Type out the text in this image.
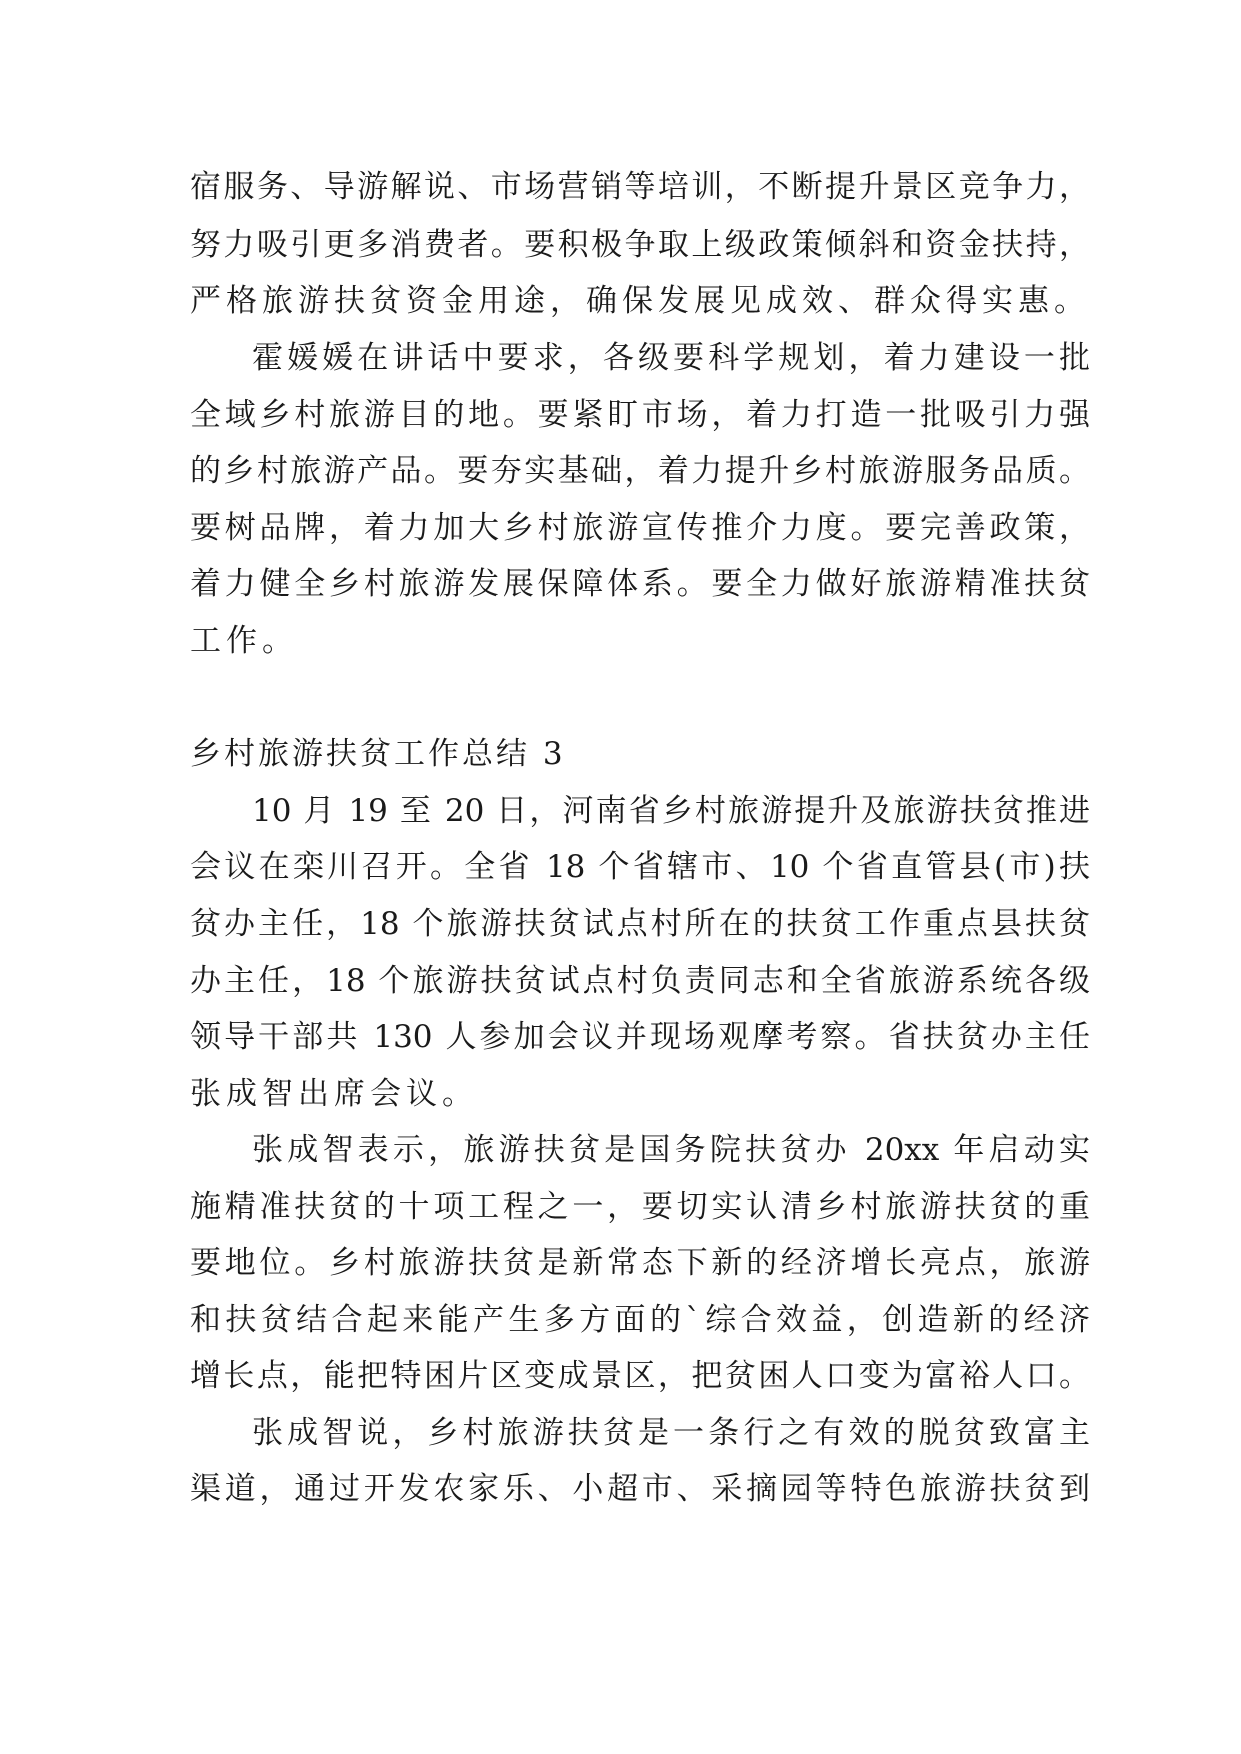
宿服务、导游解说、市场营销等培训，不断提升景区竞争力，
努力吸引更多消费者。要积极争取上级政策倾斜和资金扶持，
严格旅游扶贫资金用途，确保发展见成效、群众得实惠。
霍媛媛在讲话中要求，各级要科学规划，着力建设一批
全域乡村旅游目的地。要紧盯市场，着力打造一批吸引力强
的乡村旅游产品。要夯实基础，着力提升乡村旅游服务品质。
要树品牌，着力加大乡村旅游宣传推介力度。要完善政策，
着力健全乡村旅游发展保障体系。要全力做好旅游精准扶贫
工作。
乡村旅游扶贫工作总结 3
10 月 19 至 20 日，河南省乡村旅游提升及旅游扶贫推进
会议在栾川召开。全省 18 个省辖市、10 个省直管县(市)扶
贫办主任，18 个旅游扶贫试点村所在的扶贫工作重点县扶贫
办主任，18 个旅游扶贫试点村负责同志和全省旅游系统各级
领导干部共 130 人参加会议并现场观摩考察。省扶贫办主任
张成智出席会议。
张成智表示，旅游扶贫是国务院扶贫办 20xx 年启动实
施精准扶贫的十项工程之一，要切实认清乡村旅游扶贫的重
要地位。乡村旅游扶贫是新常态下新的经济增长亮点，旅游
和扶贫结合起来能产生多方面的`综合效益，创造新的经济
增长点，能把特困片区变成景区，把贫困人口变为富裕人口。
张成智说，乡村旅游扶贫是一条行之有效的脱贫致富主
渠道，通过开发农家乐、小超市、采摘园等特色旅游扶贫到
